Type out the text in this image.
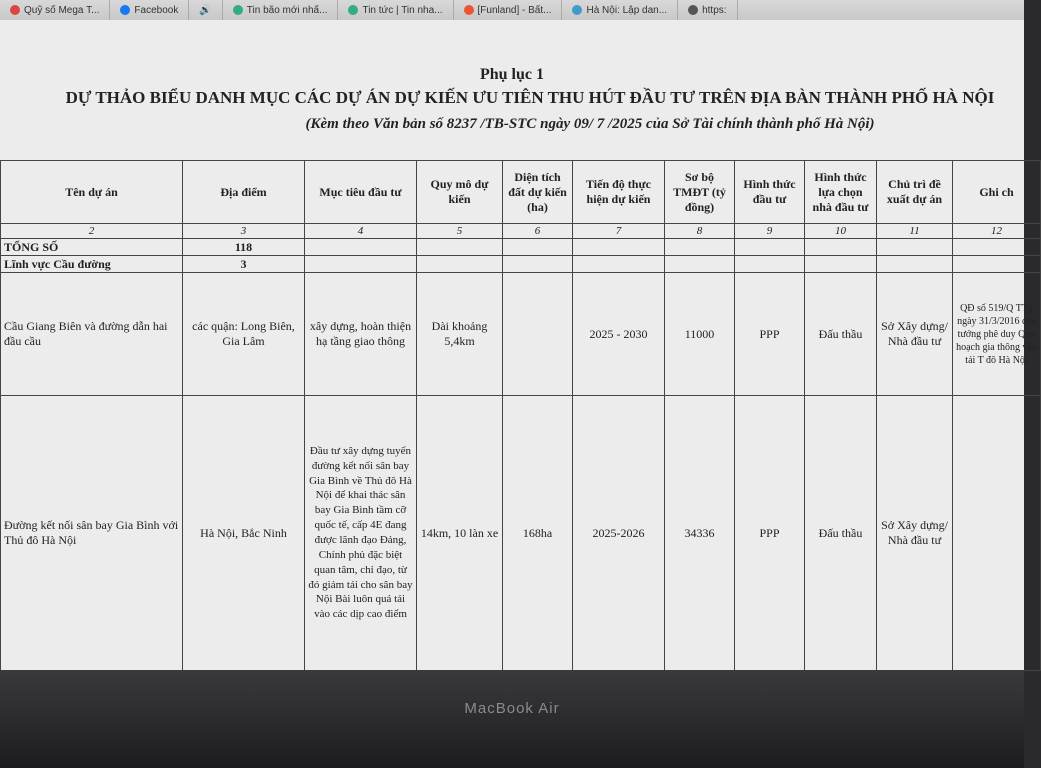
Quỹ số Mega T...	Facebook 🔊	Tin bão mới nhấ...	Tin tức | Tin nha...	[Funland] - Bất...	Hà Nội: Lập dan...	https:
Phụ lục 1
DỰ THẢO BIỂU DANH MỤC CÁC DỰ ÁN DỰ KIẾN ƯU TIÊN THU HÚT ĐẦU TƯ TRÊN ĐỊA BÀN THÀNH PHỐ HÀ NỘI
(Kèm theo Văn bản số 8237 /TB-STC ngày 09/ 7 /2025 của Sở Tài chính thành phố Hà Nội)
Tên dự án	Địa điểm	Mục tiêu đầu tư	Quy mô dự kiến	Diện tích đất dự kiến (ha)	Tiến độ thực hiện dự kiến	Sơ bộ TMĐT (tỷ đồng)	Hình thức đầu tư	Hình thức lựa chọn nhà đầu tư	Chủ trì đề xuất dự án	Ghi ch
2	3	4	5	6	7	8	9	10	11	12
TỔNG SỐ	118									
Lĩnh vực Cầu đường	3									
Cầu Giang Biên và đường dẫn hai đầu cầu	các quận: Long Biên, Gia Lâm	xây dựng, hoàn thiện hạ tầng giao thông	Dài khoảng 5,4km		2025 - 2030	11000	PPP	Đấu thầu	Sở Xây dựng/ Nhà đầu tư	QĐ số 519/Q TTg ngày 31/3/2016 của tướng phê duy Quy hoạch gia thông vận tải T đô Hà Nội
Đường kết nối sân bay Gia Bình với Thủ đô Hà Nội	Hà Nội, Bắc Ninh	Đầu tư xây dựng tuyến đường kết nối sân bay Gia Bình về Thủ đô Hà Nội để khai thác sân bay Gia Bình tầm cỡ quốc tế, cấp 4E đang được lãnh đạo Đảng, Chính phủ đặc biệt quan tâm, chỉ đạo, từ đó giảm tải cho sân bay Nội Bài luôn quá tải vào các dịp cao điểm	14km, 10 làn xe	168ha	2025-2026	34336	PPP	Đấu thầu	Sở Xây dựng/ Nhà đầu tư	
MacBook Air
